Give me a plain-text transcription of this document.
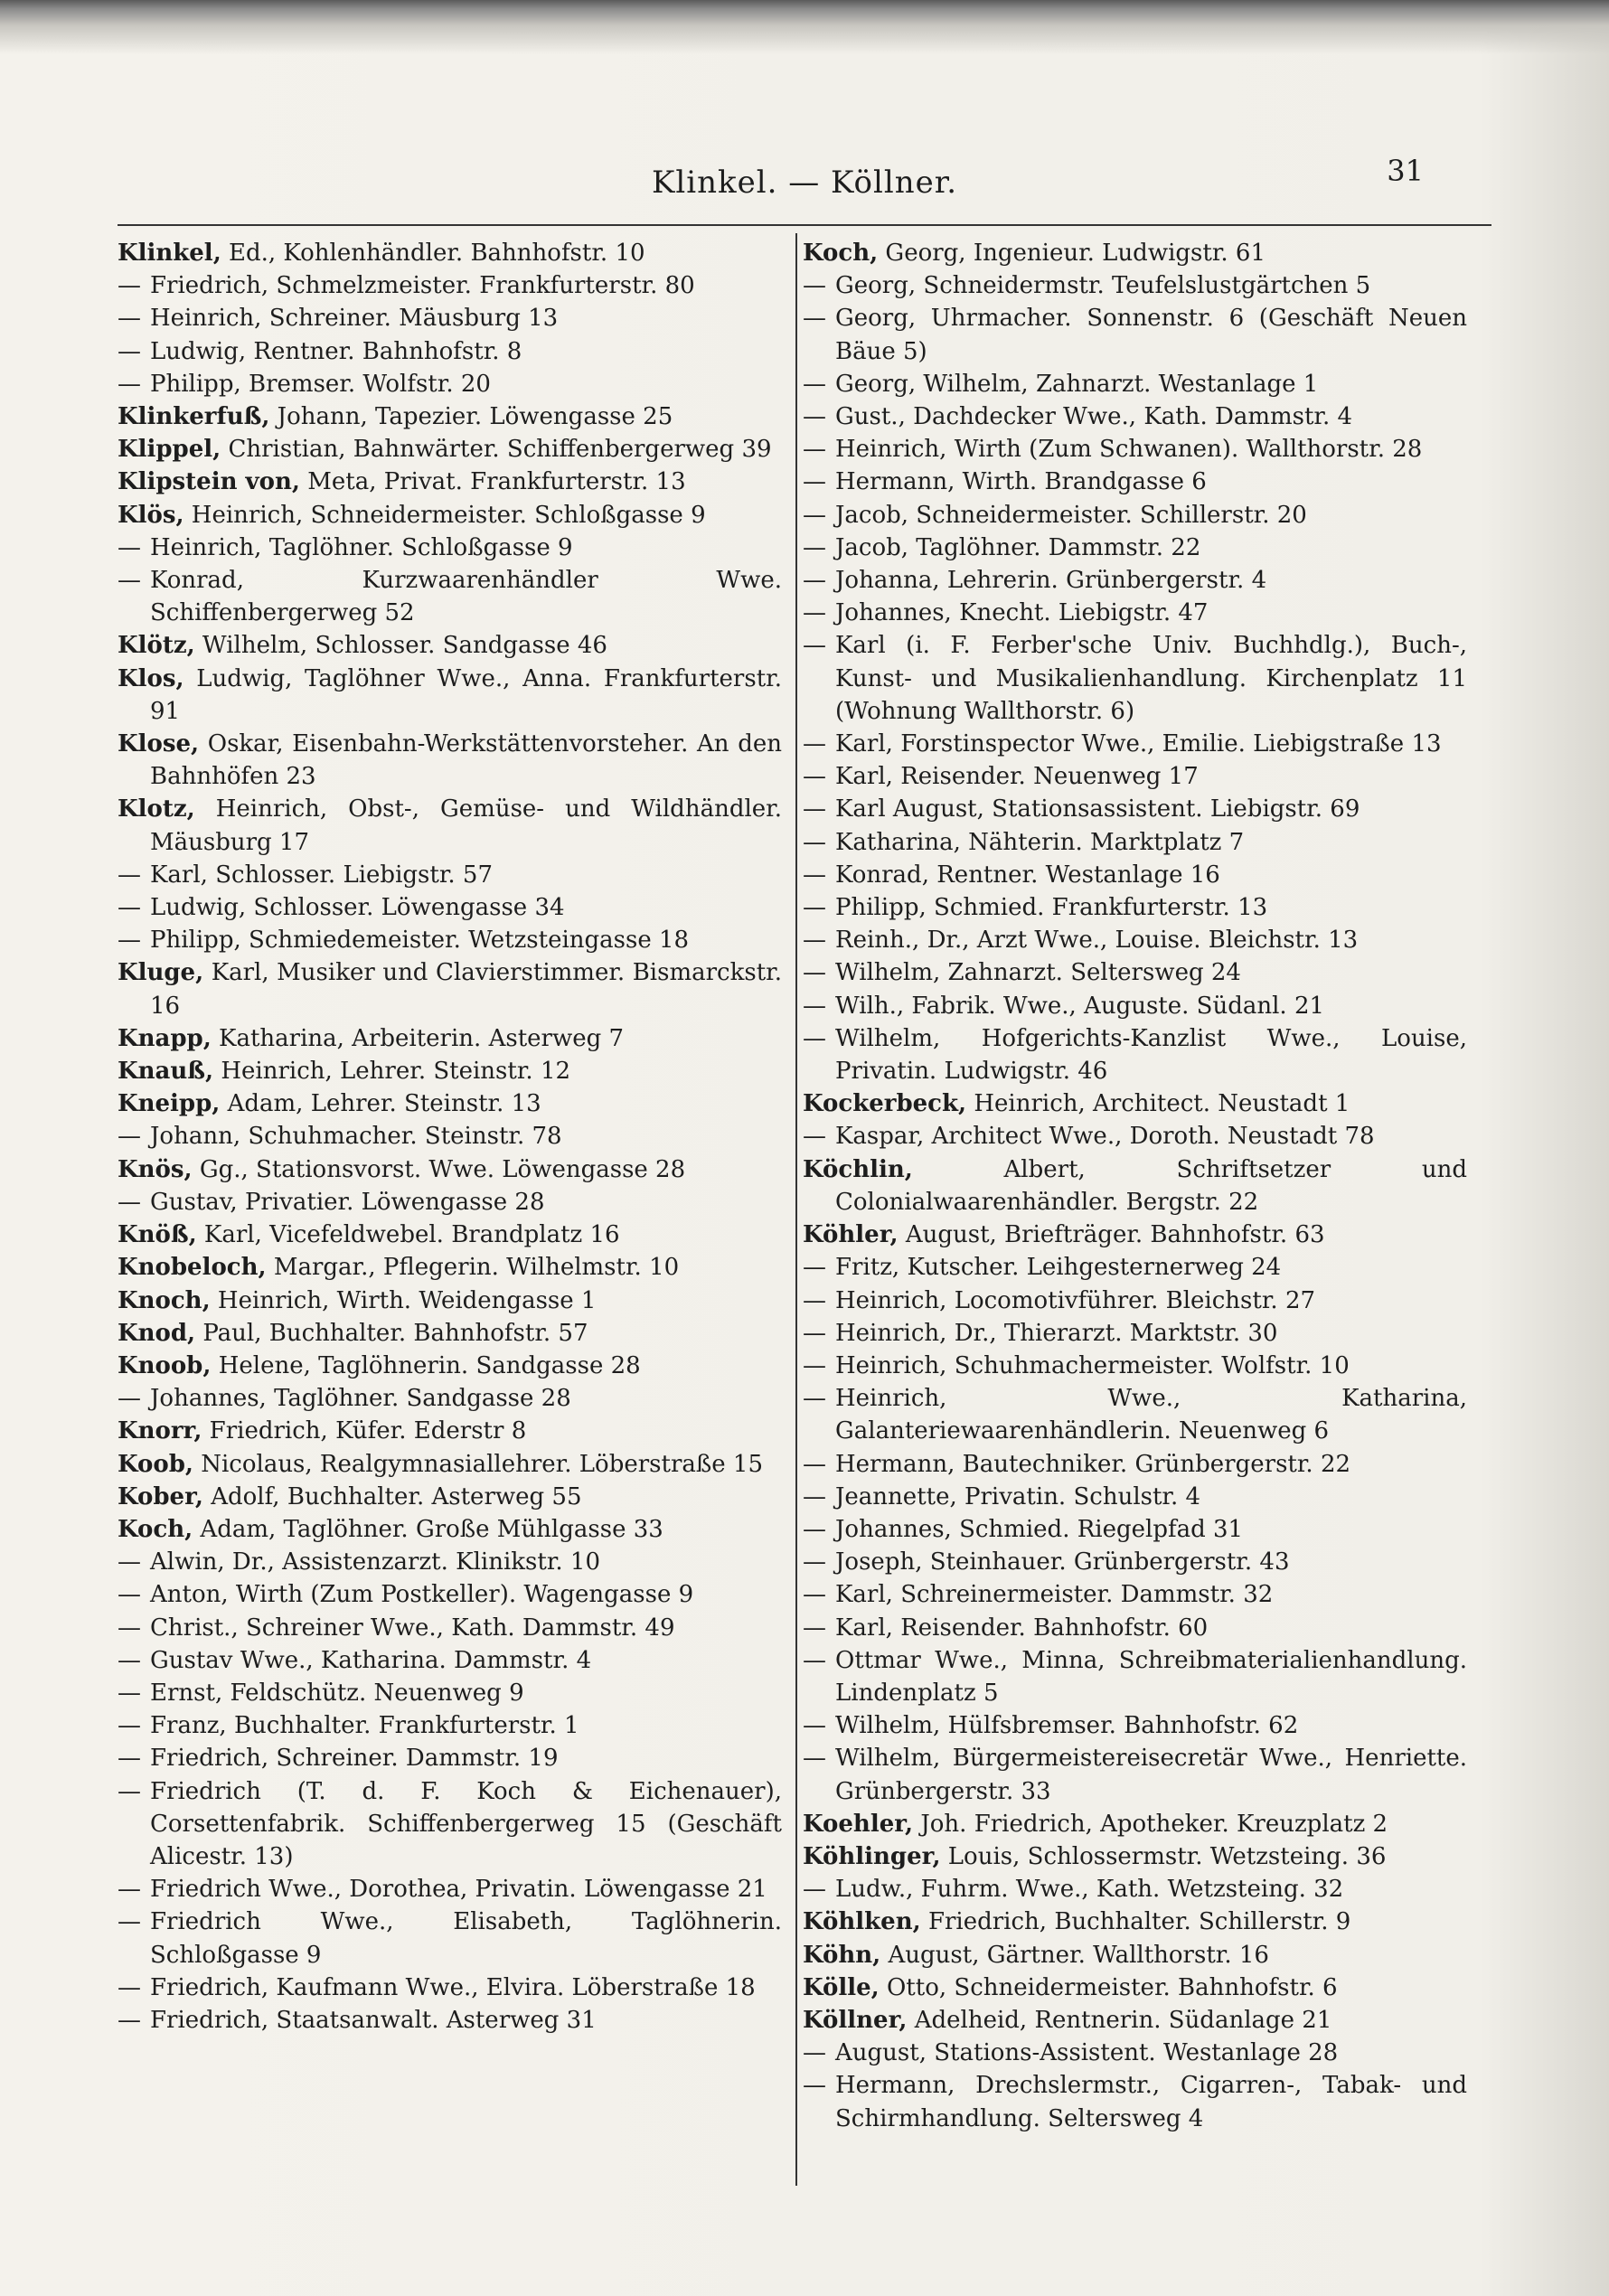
Klinkel. — Köllner.	31
Klinkel, Ed., Kohlenhändler. Bahnhofstr. 10
— Friedrich, Schmelzmeister. Frankfurterstr. 80
— Heinrich, Schreiner. Mäusburg 13
— Ludwig, Rentner. Bahnhofstr. 8
— Philipp, Bremser. Wolfstr. 20
Klinkerfuß, Johann, Tapezier. Löwengasse 25
Klippel, Christian, Bahnwärter. Schiffenbergerweg 39
Klipstein von, Meta, Privat. Frankfurterstr. 13
Klös, Heinrich, Schneidermeister. Schloßgasse 9
— Heinrich, Taglöhner. Schloßgasse 9
— Konrad, Kurzwaarenhändler Wwe. Schiffenbergerweg 52
Klötz, Wilhelm, Schlosser. Sandgasse 46
Klos, Ludwig, Taglöhner Wwe., Anna. Frankfurterstr. 91
Klose, Oskar, Eisenbahn-Werkstättenvorsteher. An den Bahnhöfen 23
Klotz, Heinrich, Obst-, Gemüse- und Wildhändler. Mäusburg 17
— Karl, Schlosser. Liebigstr. 57
— Ludwig, Schlosser. Löwengasse 34
— Philipp, Schmiedemeister. Wetzsteingasse 18
Kluge, Karl, Musiker und Clavierstimmer. Bismarckstr. 16
Knapp, Katharina, Arbeiterin. Asterweg 7
Knauß, Heinrich, Lehrer. Steinstr. 12
Kneipp, Adam, Lehrer. Steinstr. 13
— Johann, Schuhmacher. Steinstr. 78
Knös, Gg., Stationsvorst. Wwe. Löwengasse 28
— Gustav, Privatier. Löwengasse 28
Knöß, Karl, Vicefeldwebel. Brandplatz 16
Knobeloch, Margar., Pflegerin. Wilhelmstr. 10
Knoch, Heinrich, Wirth. Weidengasse 1
Knod, Paul, Buchhalter. Bahnhofstr. 57
Knoob, Helene, Taglöhnerin. Sandgasse 28
— Johannes, Taglöhner. Sandgasse 28
Knorr, Friedrich, Küfer. Ederstr 8
Koob, Nicolaus, Realgymnasiallehrer. Löberstraße 15
Kober, Adolf, Buchhalter. Asterweg 55
Koch, Adam, Taglöhner. Große Mühlgasse 33
— Alwin, Dr., Assistenzarzt. Klinikstr. 10
— Anton, Wirth (Zum Postkeller). Wagengasse 9
— Christ., Schreiner Wwe., Kath. Dammstr. 49
— Gustav Wwe., Katharina. Dammstr. 4
— Ernst, Feldschütz. Neuenweg 9
— Franz, Buchhalter. Frankfurterstr. 1
— Friedrich, Schreiner. Dammstr. 19
— Friedrich (T. d. F. Koch & Eichenauer), Corsettenfabrik. Schiffenbergerweg 15 (Geschäft Alicestr. 13)
— Friedrich Wwe., Dorothea, Privatin. Löwengasse 21
— Friedrich Wwe., Elisabeth, Taglöhnerin. Schloßgasse 9
— Friedrich, Kaufmann Wwe., Elvira. Löberstraße 18
— Friedrich, Staatsanwalt. Asterweg 31
Koch, Georg, Ingenieur. Ludwigstr. 61
— Georg, Schneidermstr. Teufelslustgärtchen 5
— Georg, Uhrmacher. Sonnenstr. 6 (Geschäft Neuen Bäue 5)
— Georg, Wilhelm, Zahnarzt. Westanlage 1
— Gust., Dachdecker Wwe., Kath. Dammstr. 4
— Heinrich, Wirth (Zum Schwanen). Wallthorstr. 28
— Hermann, Wirth. Brandgasse 6
— Jacob, Schneidermeister. Schillerstr. 20
— Jacob, Taglöhner. Dammstr. 22
— Johanna, Lehrerin. Grünbergerstr. 4
— Johannes, Knecht. Liebigstr. 47
— Karl (i. F. Ferber'sche Univ. Buchhdlg.), Buch-, Kunst- und Musikalienhandlung. Kirchenplatz 11 (Wohnung Wallthorstr. 6)
— Karl, Forstinspector Wwe., Emilie. Liebigstraße 13
— Karl, Reisender. Neuenweg 17
— Karl August, Stationsassistent. Liebigstr. 69
— Katharina, Nähterin. Marktplatz 7
— Konrad, Rentner. Westanlage 16
— Philipp, Schmied. Frankfurterstr. 13
— Reinh., Dr., Arzt Wwe., Louise. Bleichstr. 13
— Wilhelm, Zahnarzt. Seltersweg 24
— Wilh., Fabrik. Wwe., Auguste. Südanl. 21
— Wilhelm, Hofgerichts-Kanzlist Wwe., Louise, Privatin. Ludwigstr. 46
Kockerbeck, Heinrich, Architect. Neustadt 1
— Kaspar, Architect Wwe., Doroth. Neustadt 78
Köchlin,	Albert, Schriftsetzer und Colonialwaarenhändler. Bergstr. 22
Köhler, August, Briefträger. Bahnhofstr. 63
— Fritz, Kutscher. Leihgesternerweg 24
— Heinrich, Locomotivführer. Bleichstr. 27
— Heinrich, Dr., Thierarzt. Marktstr. 30
— Heinrich, Schuhmachermeister. Wolfstr. 10
— Heinrich, Wwe., Katharina, Galanteriewaarenhändlerin. Neuenweg 6
— Hermann, Bautechniker. Grünbergerstr. 22
— Jeannette, Privatin. Schulstr. 4
— Johannes, Schmied. Riegelpfad 31
— Joseph, Steinhauer. Grünbergerstr. 43
— Karl, Schreinermeister. Dammstr. 32
— Karl, Reisender. Bahnhofstr. 60
— Ottmar Wwe., Minna, Schreibmaterialienhandlung. Lindenplatz 5
— Wilhelm, Hülfsbremser. Bahnhofstr. 62
— Wilhelm, Bürgermeistereisecretär Wwe., Henriette. Grünbergerstr. 33
Koehler, Joh. Friedrich, Apotheker. Kreuzplatz 2
Köhlinger, Louis, Schlossermstr. Wetzsteing. 36
— Ludw., Fuhrm. Wwe., Kath. Wetzsteing. 32
Köhlken, Friedrich, Buchhalter. Schillerstr. 9
Köhn, August, Gärtner. Wallthorstr. 16
Kölle, Otto, Schneidermeister. Bahnhofstr. 6
Köllner, Adelheid, Rentnerin. Südanlage 21
— August, Stations-Assistent. Westanlage 28
— Hermann, Drechslermstr., Cigarren-, Tabak- und Schirmhandlung. Seltersweg 4
